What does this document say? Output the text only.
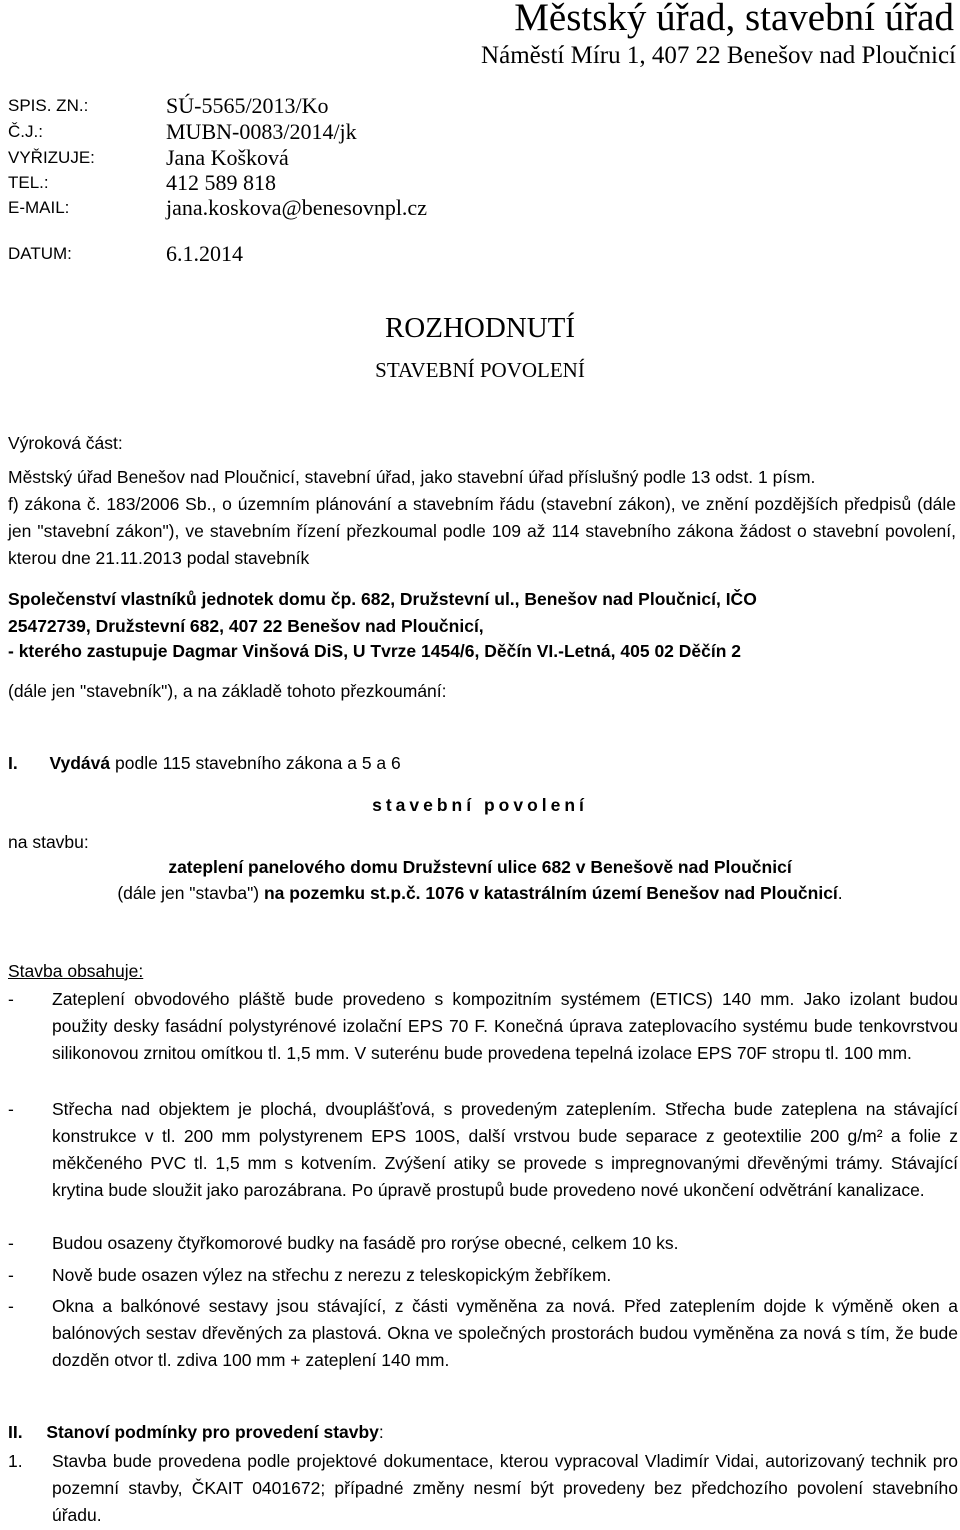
Městský úřad, stavební úřad
Náměstí Míru 1, 407 22 Benešov nad Ploučnicí
SPIS. ZN.:	SÚ-5565/2013/Ko
Č.J.:	MUBN-0083/2014/jk
VYŘIZUJE:	Jana Košková
TEL.:	412 589 818
E-MAIL:	jana.koskova@benesovnpl.cz
DATUM:	6.1.2014
ROZHODNUTÍ
STAVEBNÍ POVOLENÍ
Výroková část:
Městský úřad Benešov nad Ploučnicí, stavební úřad, jako stavební úřad příslušný podle 13 odst. 1 písm.
f) zákona č. 183/2006 Sb., o územním plánování a stavebním řádu (stavební zákon), ve znění pozdějších předpisů (dále jen "stavební zákon"), ve stavebním řízení přezkoumal podle 109 až 114 stavebního zákona žádost o stavební povolení, kterou dne 21.11.2013 podal stavebník
Společenství vlastníků jednotek domu čp. 682, Družstevní ul., Benešov nad Ploučnicí, IČO
25472739, Družstevní 682, 407 22 Benešov nad Ploučnicí,
- kterého zastupuje Dagmar Vinšová DiS, U Tvrze 1454/6, Děčín VI.-Letná, 405 02 Děčín 2
(dále jen "stavebník"), a na základě tohoto přezkoumání:
I. Vydává podle 115 stavebního zákona a 5 a 6
stavební povolení
na stavbu:
zateplení panelového domu Družstevní ulice 682 v Benešově nad Ploučnicí
(dále jen "stavba") na pozemku st.p.č. 1076 v katastrálním území Benešov nad Ploučnicí.
Stavba obsahuje:
- Zateplení obvodového pláště bude provedeno s kompozitním systémem (ETICS) 140 mm. Jako izolant budou použity desky fasádní polystyrénové izolační EPS 70 F. Konečná úprava zateplovacího systému bude tenkovrstvou silikonovou zrnitou omítkou tl. 1,5 mm. V suterénu bude provedena tepelná izolace EPS 70F stropu tl. 100 mm.
- Střecha nad objektem je plochá, dvouplášťová, s provedeným zateplením. Střecha bude zateplena na stávající konstrukce v tl. 200 mm polystyrenem EPS 100S, další vrstvou bude separace z geotextilie 200 g/m² a folie z měkčeného PVC tl. 1,5 mm s kotvením. Zvýšení atiky se provede s impregnovanými dřevěnými trámy. Stávající krytina bude sloužit jako parozábrana. Po úpravě prostupů bude provedeno nové ukončení odvětrání kanalizace.
- Budou osazeny čtyřkomorové budky na fasádě pro rorýse obecné, celkem 10 ks.
- Nově bude osazen výlez na střechu z nerezu z teleskopickým žebříkem.
- Okna a balkónové sestavy jsou stávající, z části vyměněna za nová. Před zateplením dojde k výměně oken a balónových sestav dřevěných za plastová. Okna ve společných prostorách budou vyměněna za nová s tím, že bude dozděn otvor tl. zdiva 100 mm + zateplení 140 mm.
II. Stanoví podmínky pro provedení stavby:
1. Stavba bude provedena podle projektové dokumentace, kterou vypracoval Vladimír Vidai, autorizovaný technik pro pozemní stavby, ČKAIT 0401672; případné změny nesmí být provedeny bez předchozího povolení stavebního úřadu.
